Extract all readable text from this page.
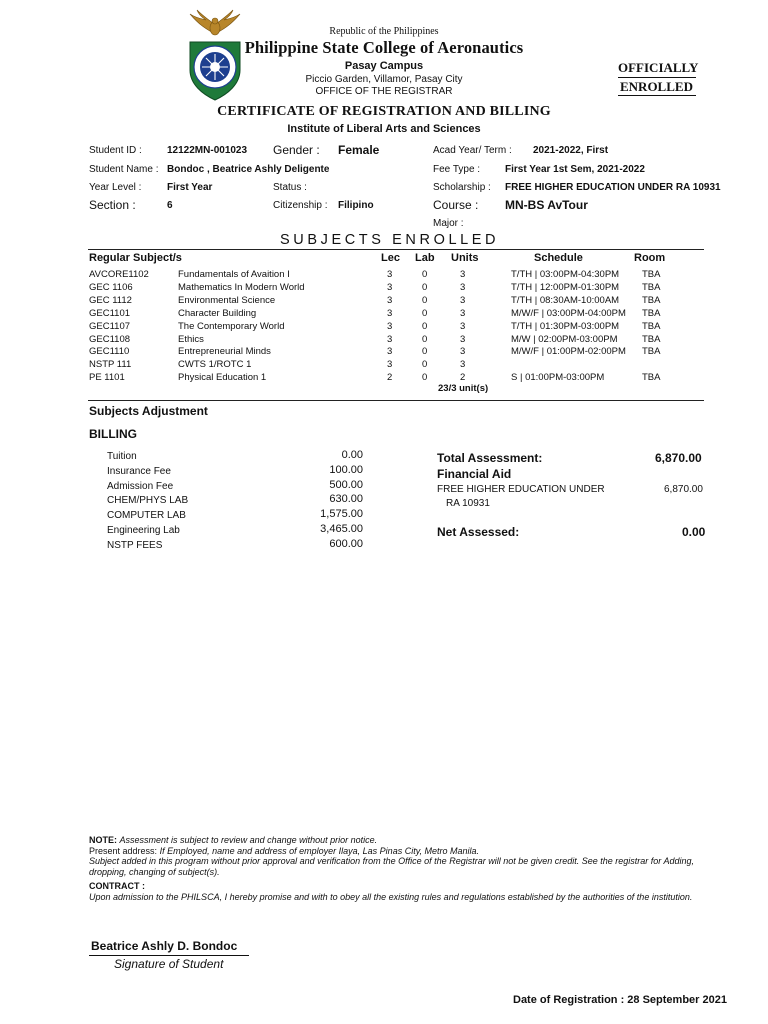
Republic of the Philippines
Philippine State College of Aeronautics
Pasay Campus
Piccio Garden, Villamor, Pasay City
OFFICE OF THE REGISTRAR
CERTIFICATE OF REGISTRATION AND BILLING
Institute of Liberal Arts and Sciences
OFFICIALLY
ENROLLED
Student ID :	12122MN-001023 Gender : Female	Acad Year/ Term : 2021-2022, First
Student Name : Bondoc , Beatrice Ashly Deligente	Fee Type : First Year 1st Sem, 2021-2022
Year Level :	First Year	Status :	Scholarship : FREE HIGHER EDUCATION UNDER RA 10931
Section :	6	Citizenship : Filipino	Course : MN-BS AvTour
Major :
SUBJECTS ENROLLED
Regular Subject/s	Lec Lab Units	Schedule	Room
AVCORE1102	Fundamentals of Avaition I	3	0	3	T/TH | 03:00PM-04:30PM TBA
GEC 1106	Mathematics In Modern World	3	0	3	T/TH | 12:00PM-01:30PM TBA
GEC 1112	Environmental Science	3	0	3	T/TH | 08:30AM-10:00AM TBA
GEC1101	Character Building	3	0	3	M/W/F | 03:00PM-04:00PM TBA
GEC1107	The Contemporary World	3	0	3	T/TH | 01:30PM-03:00PM TBA
GEC1108	Ethics	3	0	3	M/W | 02:00PM-03:00PM	TBA
GEC1110	Entrepreneurial Minds	3	0	3	M/W/F | 01:00PM-02:00PM TBA
NSTP 111	CWTS 1/ROTC 1	3	0	3
PE 1101	Physical Education 1	2	0	2	S | 01:00PM-03:00PM	TBA
23/3 unit(s)
Subjects Adjustment
BILLING
Tuition	0.00
Insurance Fee	100.00
Admission Fee	500.00
CHEM/PHYS LAB	630.00
COMPUTER LAB	1,575.00
Engineering Lab	3,465.00
NSTP FEES	600.00
Total Assessment:	6,870.00
Financial Aid
FREE HIGHER EDUCATION UNDER
RA 10931
6,870.00
Net Assessed:	0.00
NOTE: Assessment is subject to review and change without prior notice.
Present address: If Employed, name and address of employer Ilaya, Las Pinas City, Metro Manila.
Subject added in this program without prior approval and verification from the Office of the Registrar will not be given credit. See the registrar for Adding, dropping, changing of subject(s).
CONTRACT :
Upon admission to the PHILSCA, I hereby promise and with to obey all the existing rules and regulations established by the authorities of the institution.
Beatrice Ashly D. Bondoc
Signature of Student
Date of Registration : 28 September 2021
